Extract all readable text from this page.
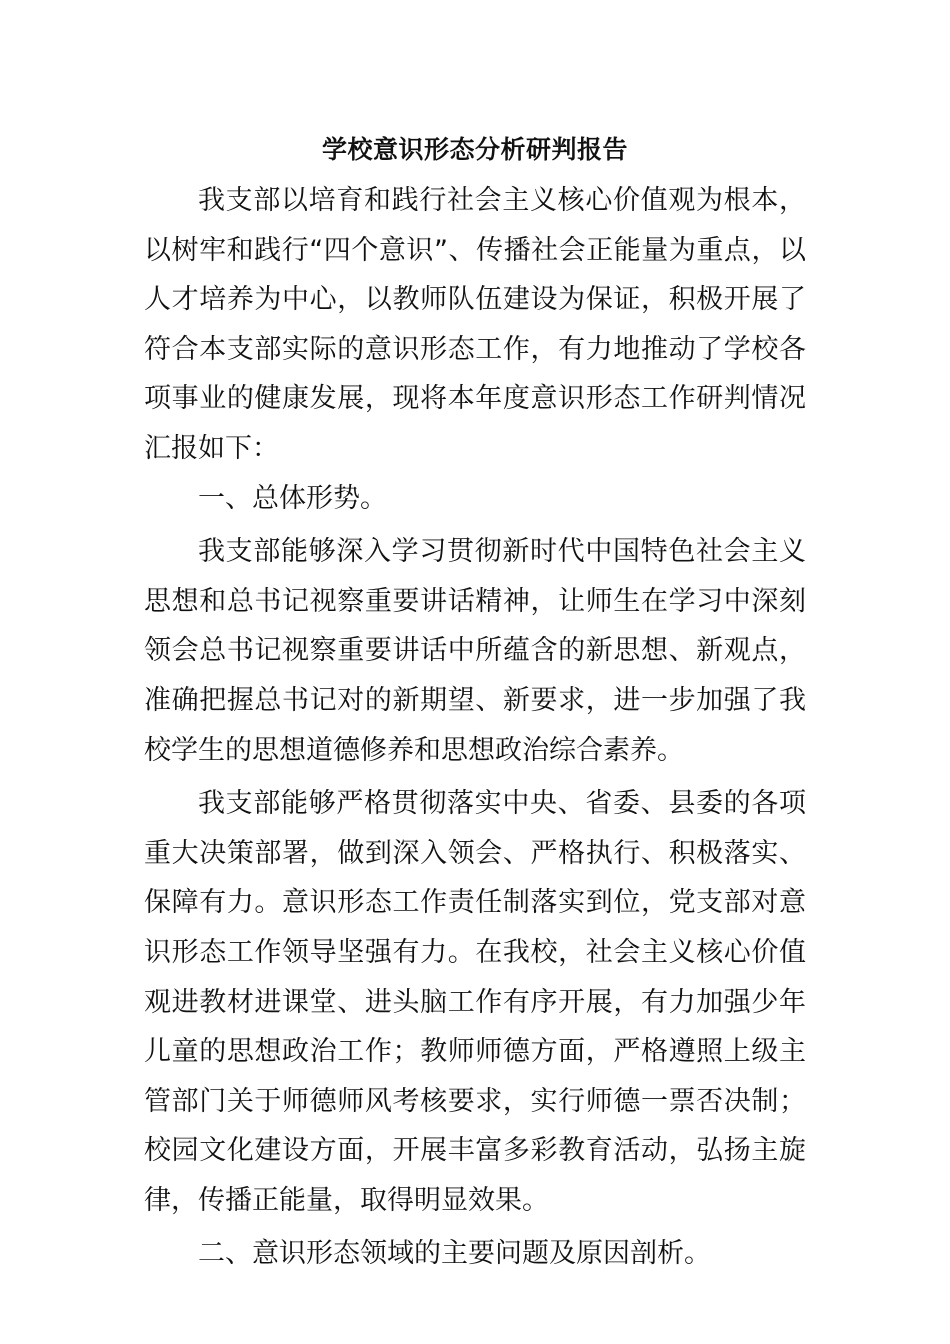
学校意识形态分析研判报告

我支部以培育和践行社会主义核心价值观为根本，以树牢和践行“四个意识”、传播社会正能量为重点，以人才培养为中心，以教师队伍建设为保证，积极开展了符合本支部实际的意识形态工作，有力地推动了学校各项事业的健康发展，现将本年度意识形态工作研判情况汇报如下：

一、总体形势。

我支部能够深入学习贯彻新时代中国特色社会主义思想和总书记视察重要讲话精神，让师生在学习中深刻领会总书记视察重要讲话中所蕴含的新思想、新观点，准确把握总书记对的新期望、新要求，进一步加强了我校学生的思想道德修养和思想政治综合素养。

我支部能够严格贯彻落实中央、省委、县委的各项重大决策部署，做到深入领会、严格执行、积极落实、保障有力。意识形态工作责任制落实到位，党支部对意识形态工作领导坚强有力。在我校，社会主义核心价值观进教材进课堂、进头脑工作有序开展，有力加强少年儿童的思想政治工作；教师师德方面，严格遵照上级主管部门关于师德师风考核要求，实行师德一票否决制；校园文化建设方面，开展丰富多彩教育活动，弘扬主旋律，传播正能量，取得明显效果。

二、意识形态领域的主要问题及原因剖析。
